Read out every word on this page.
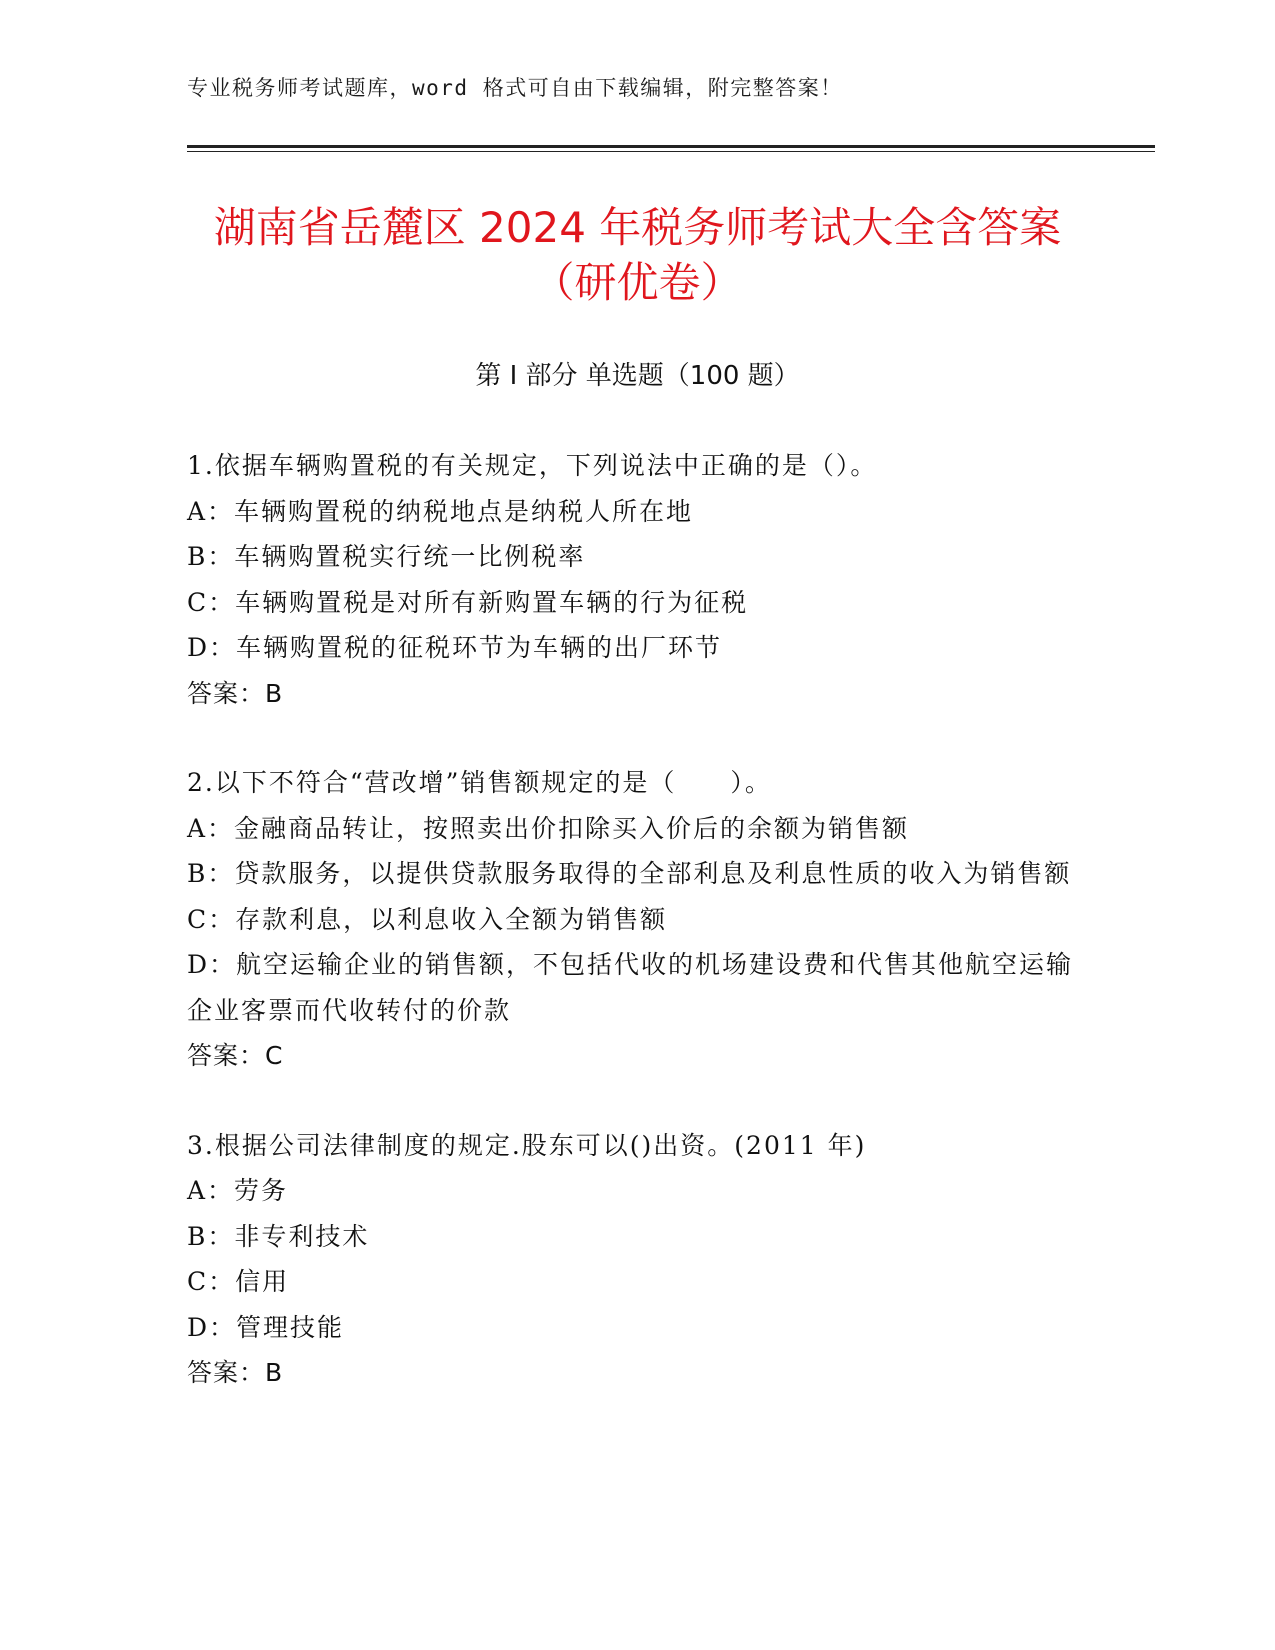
专业税务师考试题库，word 格式可自由下载编辑，附完整答案！
湖南省岳麓区 2024 年税务师考试大全含答案
（研优卷）
第 I 部分 单选题（100 题）
1.依据车辆购置税的有关规定，下列说法中正确的是（）。
A：车辆购置税的纳税地点是纳税人所在地
B：车辆购置税实行统一比例税率
C：车辆购置税是对所有新购置车辆的行为征税
D：车辆购置税的征税环节为车辆的出厂环节
答案：B
2.以下不符合“营改增”销售额规定的是（　　）。
A：金融商品转让，按照卖出价扣除买入价后的余额为销售额
B：贷款服务，以提供贷款服务取得的全部利息及利息性质的收入为销售额
C：存款利息，以利息收入全额为销售额
D：航空运输企业的销售额，不包括代收的机场建设费和代售其他航空运输企业客票而代收转付的价款
答案：C
3.根据公司法律制度的规定.股东可以()出资。(2011 年)
A：劳务
B：非专利技术
C：信用
D：管理技能
答案：B
